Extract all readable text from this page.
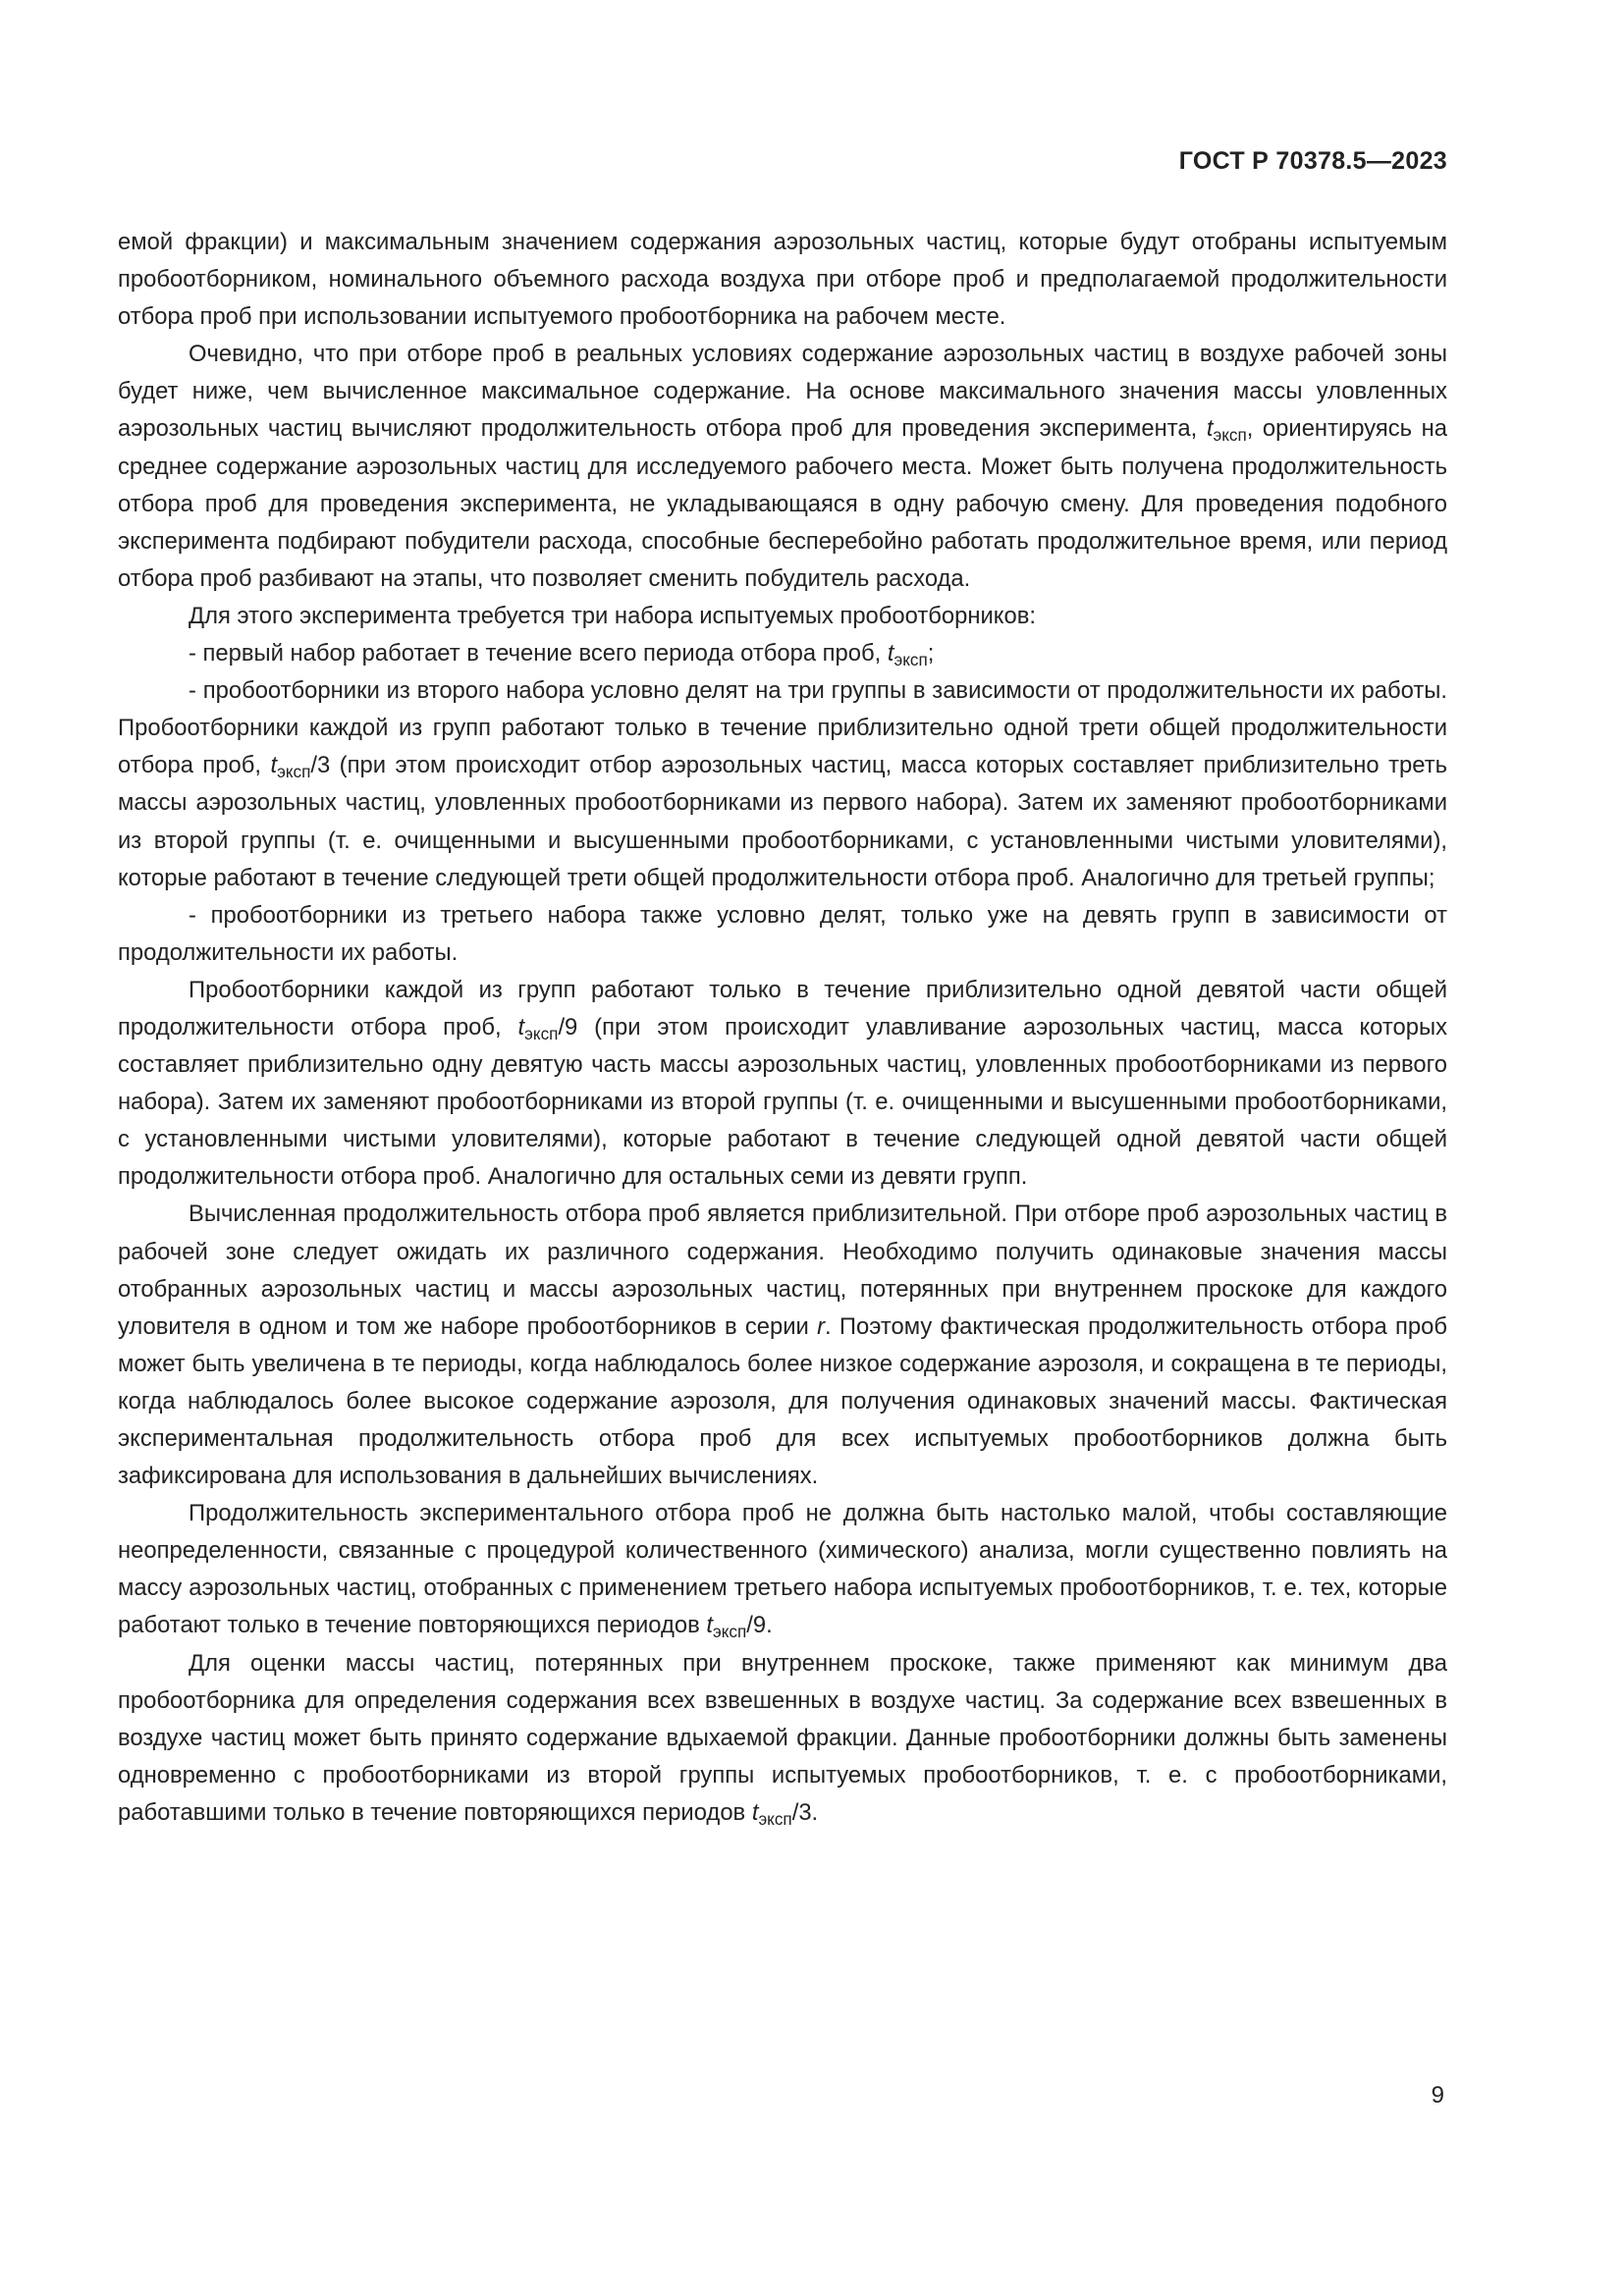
ГОСТ Р 70378.5—2023

емой фракции) и максимальным значением содержания аэрозольных частиц, которые будут отобраны испытуемым пробоотборником, номинального объемного расхода воздуха при отборе проб и предполагаемой продолжительности отбора проб при использовании испытуемого пробоотборника на рабочем месте.

Очевидно, что при отборе проб в реальных условиях содержание аэрозольных частиц в воздухе рабочей зоны будет ниже, чем вычисленное максимальное содержание. На основе максимального значения массы уловленных аэрозольных частиц вычисляют продолжительность отбора проб для проведения эксперимента, $t_{эксп}$, ориентируясь на среднее содержание аэрозольных частиц для исследуемого рабочего места. Может быть получена продолжительность отбора проб для проведения эксперимента, не укладывающаяся в одну рабочую смену. Для проведения подобного эксперимента подбирают побудители расхода, способные бесперебойно работать продолжительное время, или период отбора проб разбивают на этапы, что позволяет сменить побудитель расхода.

Для этого эксперимента требуется три набора испытуемых пробоотборников:

- первый набор работает в течение всего периода отбора проб, $t_{эксп}$;

- пробоотборники из второго набора условно делят на три группы в зависимости от продолжительности их работы. Пробоотборники каждой из групп работают только в течение приблизительно одной трети общей продолжительности отбора проб, $t_{эксп}/3$ (при этом происходит отбор аэрозольных частиц, масса которых составляет приблизительно треть массы аэрозольных частиц, уловленных пробоотборниками из первого набора). Затем их заменяют пробоотборниками из второй группы (т. е. очищенными и высушенными пробоотборниками, с установленными чистыми уловителями), которые работают в течение следующей трети общей продолжительности отбора проб. Аналогично для третьей группы;

- пробоотборники из третьего набора также условно делят, только уже на девять групп в зависимости от продолжительности их работы.

Пробоотборники каждой из групп работают только в течение приблизительно одной девятой части общей продолжительности отбора проб, $t_{эксп}/9$ (при этом происходит улавливание аэрозольных частиц, масса которых составляет приблизительно одну девятую часть массы аэрозольных частиц, уловленных пробоотборниками из первого набора). Затем их заменяют пробоотборниками из второй группы (т. е. очищенными и высушенными пробоотборниками, с установленными чистыми уловителями), которые работают в течение следующей одной девятой части общей продолжительности отбора проб. Аналогично для остальных семи из девяти групп.

Вычисленная продолжительность отбора проб является приблизительной. При отборе проб аэрозольных частиц в рабочей зоне следует ожидать их различного содержания. Необходимо получить одинаковые значения массы отобранных аэрозольных частиц и массы аэрозольных частиц, потерянных при внутреннем проскоке для каждого уловителя в одном и том же наборе пробоотборников в серии r. Поэтому фактическая продолжительность отбора проб может быть увеличена в те периоды, когда наблюдалось более низкое содержание аэрозоля, и сокращена в те периоды, когда наблюдалось более высокое содержание аэрозоля, для получения одинаковых значений массы. Фактическая экспериментальная продолжительность отбора проб для всех испытуемых пробоотборников должна быть зафиксирована для использования в дальнейших вычислениях.

Продолжительность экспериментального отбора проб не должна быть настолько малой, чтобы составляющие неопределенности, связанные с процедурой количественного (химического) анализа, могли существенно повлиять на массу аэрозольных частиц, отобранных с применением третьего набора испытуемых пробоотборников, т. е. тех, которые работают только в течение повторяющихся периодов $t_{эксп}/9$.

Для оценки массы частиц, потерянных при внутреннем проскоке, также применяют как минимум два пробоотборника для определения содержания всех взвешенных в воздухе частиц. За содержание всех взвешенных в воздухе частиц может быть принято содержание вдыхаемой фракции. Данные пробоотборники должны быть заменены одновременно с пробоотборниками из второй группы испытуемых пробоотборников, т. е. с пробоотборниками, работавшими только в течение повторяющихся периодов $t_{эксп}/3$.

9
